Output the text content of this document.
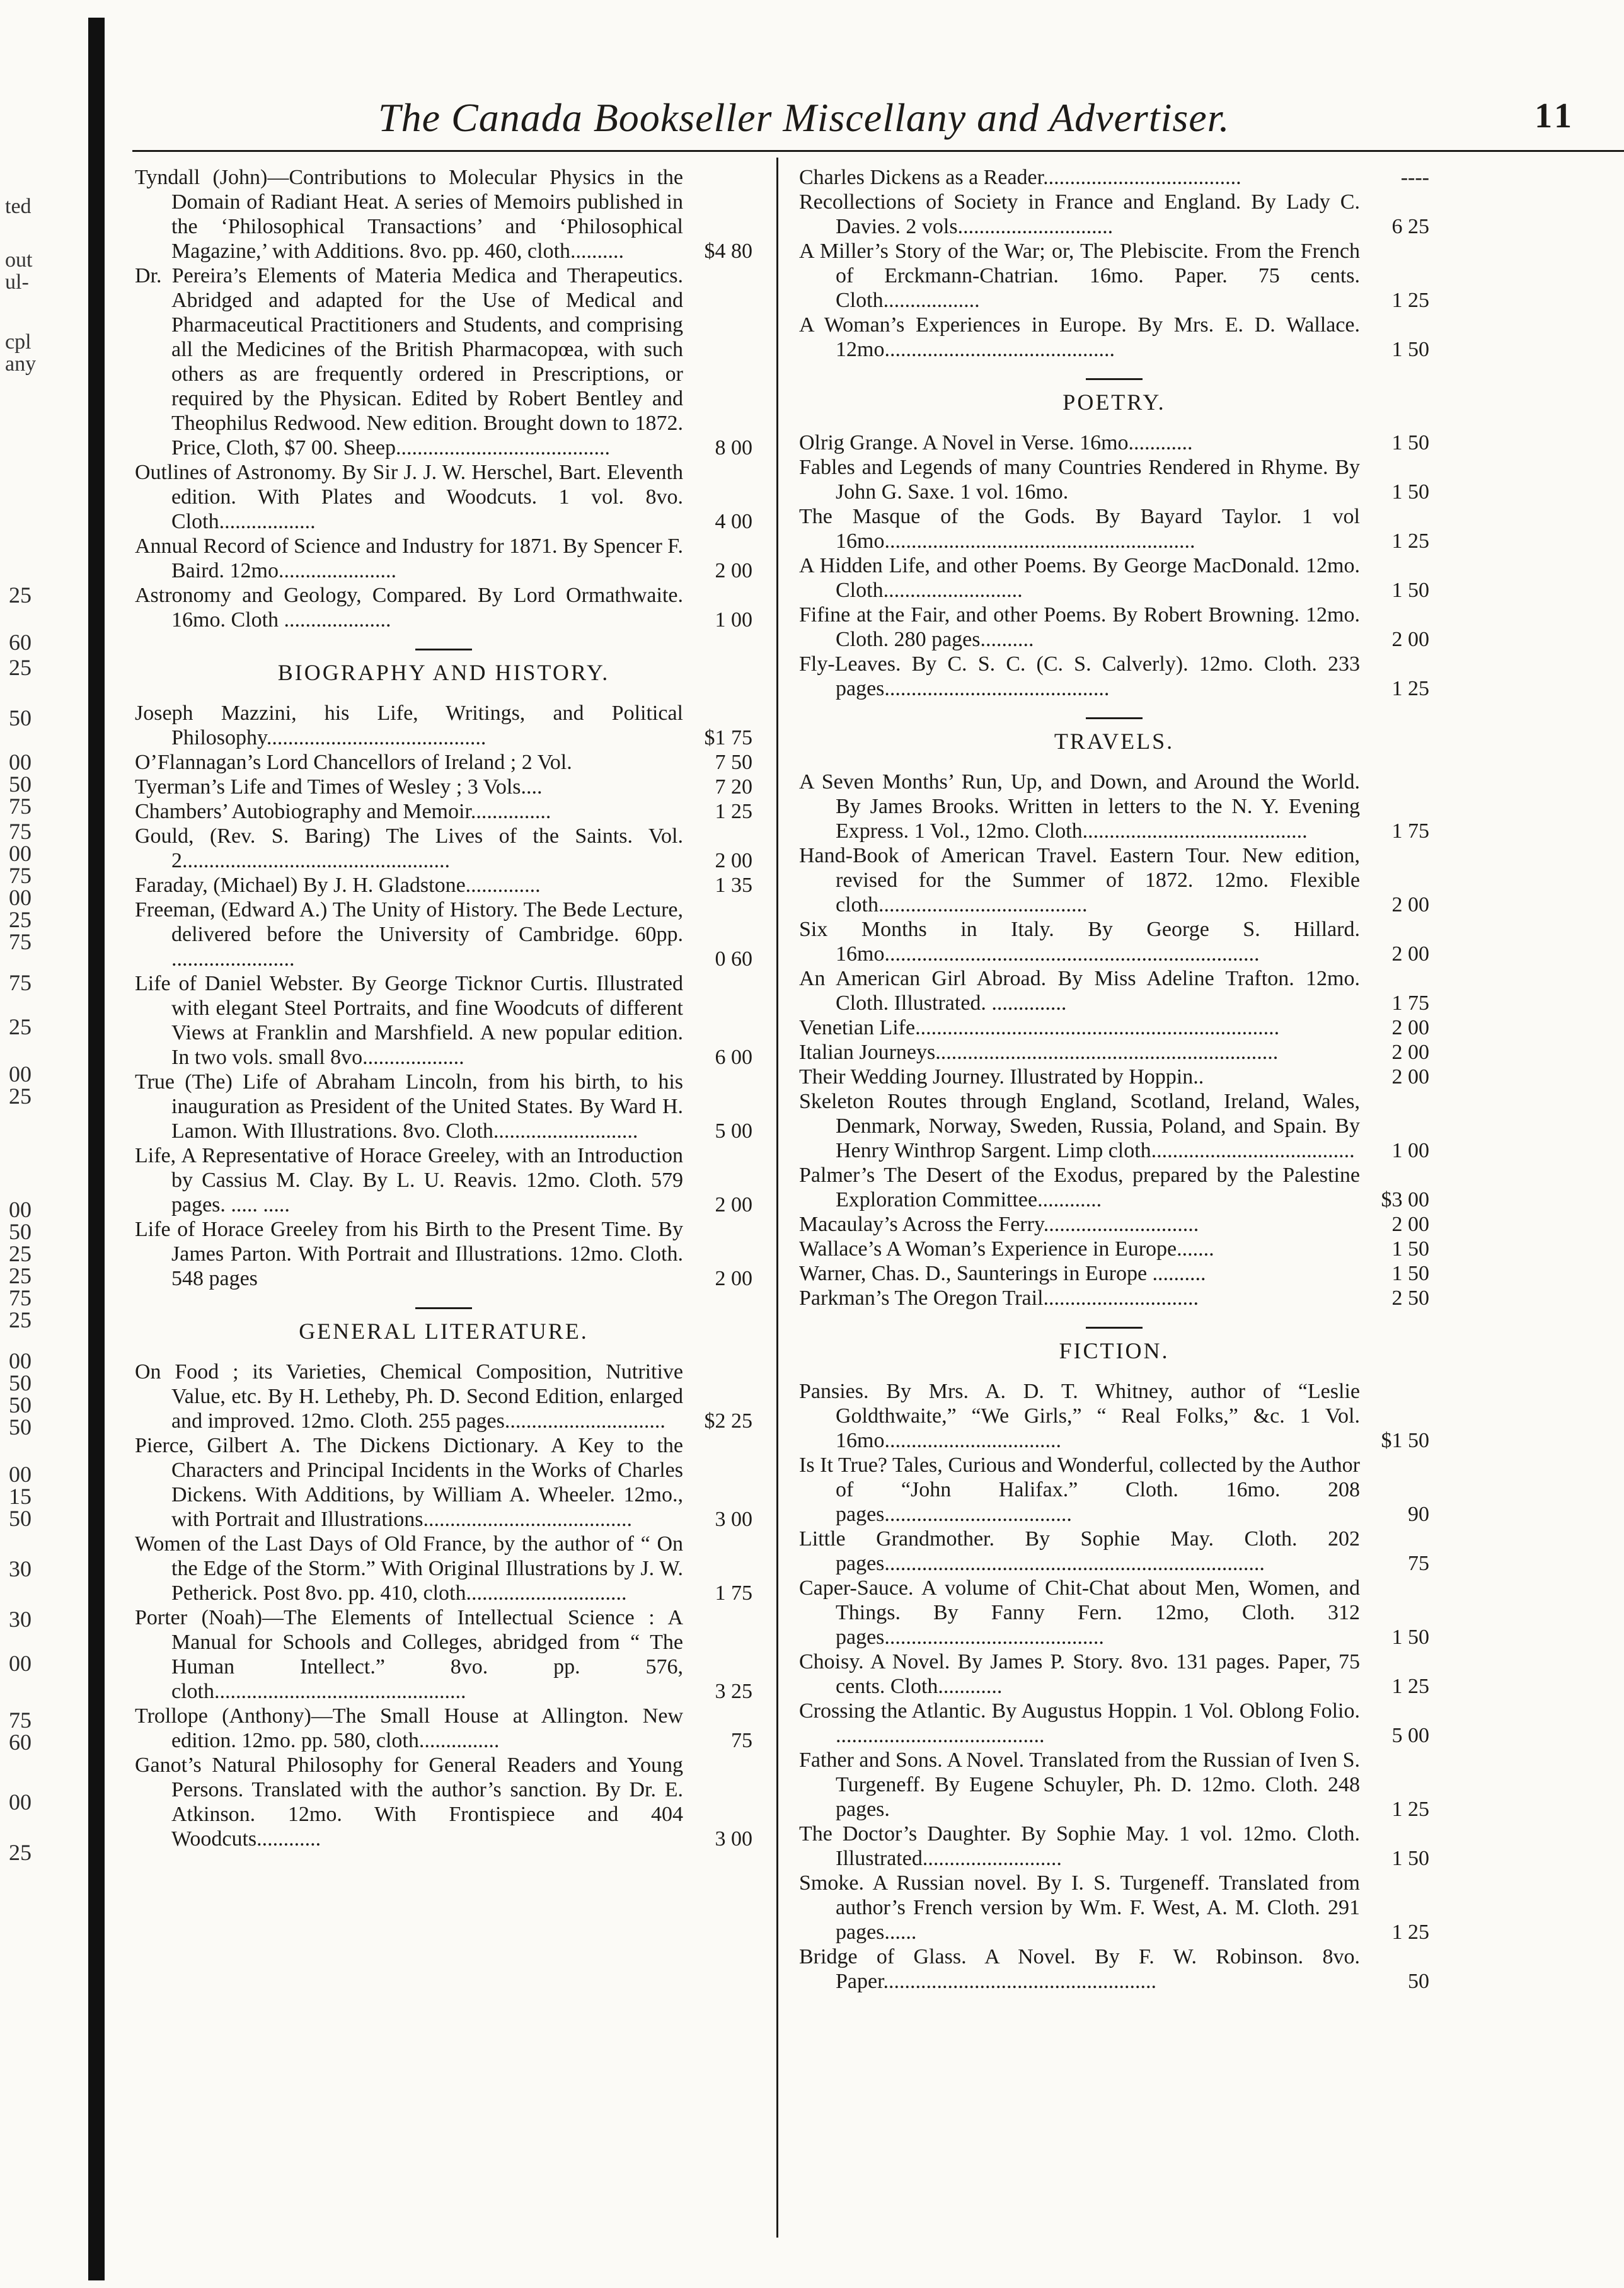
ted
out
ul-
cpl
any
25
60
25
50
00
50
75
75
00
75
00
25
75
75
25
00
25
00
50
25
25
75
25
00
50
50
50
00
15
50
30
30
00
75
60
00
25
The Canada Bookseller Miscellany and Advertiser.	11

Tyndall (John)—Contributions to Molecular Physics in the Domain of Radiant Heat. A series of Memoirs published in the ‘Philosophical Transactions’ and ‘Philosophical Magazine,’ with Additions. 8vo. pp. 460, cloth..........	$4 80

Dr. Pereira’s Elements of Materia Medica and Therapeutics. Abridged and adapted for the Use of Medical and Pharmaceutical Practitioners and Students, and comprising all the Medicines of the British Pharmacopœa, with such others as are frequently ordered in Prescriptions, or required by the Physican. Edited by Robert Bentley and Theophilus Redwood. New edition. Brought down to 1872. Price, Cloth, $7 00. Sheep........................................	8 00

Outlines of Astronomy. By Sir J. J. W. Herschel, Bart. Eleventh edition. With Plates and Woodcuts. 1 vol. 8vo. Cloth..................	4 00

Annual Record of Science and Industry for 1871. By Spencer F. Baird. 12mo......................	2 00

Astronomy and Geology, Compared. By Lord Ormathwaite. 16mo. Cloth ....................	1 00

BIOGRAPHY AND HISTORY.

Joseph Mazzini, his Life, Writings, and Political Philosophy.........................................	$1 75

O’Flannagan’s Lord Chancellors of Ireland ; 2 Vol.	7 50

Tyerman’s Life and Times of Wesley ; 3 Vols....	7 20

Chambers’ Autobiography and Memoir...............	1 25

Gould, (Rev. S. Baring) The Lives of the Saints. Vol. 2..................................................	2 00

Faraday, (Michael) By J. H. Gladstone..............	1 35

Freeman, (Edward A.) The Unity of History. The Bede Lecture, delivered before the University of Cambridge. 60pp. .......................	0 60

Life of Daniel Webster. By George Ticknor Curtis. Illustrated with elegant Steel Portraits, and fine Woodcuts of different Views at Franklin and Marshfield. A new popular edition. In two vols. small 8vo...................	6 00

True (The) Life of Abraham Lincoln, from his birth, to his inauguration as President of the United States. By Ward H. Lamon. With Illustrations. 8vo. Cloth...........................	5 00

Life, A Representative of Horace Greeley, with an Introduction by Cassius M. Clay. By L. U. Reavis. 12mo. Cloth. 579 pages. ..... .....	2 00

Life of Horace Greeley from his Birth to the Present Time. By James Parton. With Portrait and Illustrations. 12mo. Cloth. 548 pages	2 00

GENERAL LITERATURE.

On Food ; its Varieties, Chemical Composition, Nutritive Value, etc. By H. Letheby, Ph. D. Second Edition, enlarged and improved. 12mo. Cloth. 255 pages.............................. $2 25

Pierce, Gilbert A. The Dickens Dictionary. A Key to the Characters and Principal Incidents in the Works of Charles Dickens. With Additions, by William A. Wheeler. 12mo., with Portrait and Illustrations.......................................	3 00

Women of the Last Days of Old France, by the author of “ On the Edge of the Storm.” With Original Illustrations by J. W. Petherick. Post 8vo. pp. 410, cloth..............................	1 75

Porter (Noah)—The Elements of Intellectual Science : A Manual for Schools and Colleges, abridged from “ The Human Intellect.” 8vo. pp. 576, cloth...............................................	3 25

Trollope (Anthony)—The Small House at Allington. New edition. 12mo. pp. 580, cloth...............	75

Ganot’s Natural Philosophy for General Readers and Young Persons. Translated with the author’s sanction. By Dr. E. Atkinson. 12mo. With Frontispiece and 404 Woodcuts............	3 00

Charles Dickens as a Reader.....................................	----

Recollections of Society in France and England. By Lady C. Davies. 2 vols.............................	6 25

A Miller’s Story of the War; or, The Plebiscite. From the French of Erckmann-Chatrian. 16mo. Paper. 75 cents. Cloth..................	1 25

A Woman’s Experiences in Europe. By Mrs. E. D. Wallace. 12mo...........................................	1 50

POETRY.

Olrig Grange. A Novel in Verse. 16mo............	1 50

Fables and Legends of many Countries Rendered in Rhyme. By John G. Saxe. 1 vol. 16mo.	1 50

The Masque of the Gods. By Bayard Taylor. 1 vol 16mo..........................................................	1 25

A Hidden Life, and other Poems. By George MacDonald. 12mo. Cloth..........................	1 50

Fifine at the Fair, and other Poems. By Robert Browning. 12mo. Cloth. 280 pages..........	2 00

Fly-Leaves. By C. S. C. (C. S. Calverly). 12mo. Cloth. 233 pages..........................................	1 25

TRAVELS.

A Seven Months’ Run, Up, and Down, and Around the World. By James Brooks. Written in letters to the N. Y. Evening Express. 1 Vol., 12mo. Cloth..........................................	1 75

Hand-Book of American Travel. Eastern Tour. New edition, revised for the Summer of 1872. 12mo. Flexible cloth.......................................	2 00

Six Months in Italy. By George S. Hillard. 16mo......................................................................	2 00

An American Girl Abroad. By Miss Adeline Trafton. 12mo. Cloth. Illustrated. ..............	1 75

Venetian Life....................................................................	2 00

Italian Journeys................................................................	2 00

Their Wedding Journey. Illustrated by Hoppin..	2 00

Skeleton Routes through England, Scotland, Ireland, Wales, Denmark, Norway, Sweden, Russia, Poland, and Spain. By Henry Winthrop Sargent. Limp cloth...................................... 1 00

Palmer’s The Desert of the Exodus, prepared by the Palestine Exploration Committee............	$3 00

Macaulay’s Across the Ferry.............................	2 00

Wallace’s A Woman’s Experience in Europe.......	1 50

Warner, Chas. D., Saunterings in Europe ..........	1 50

Parkman’s The Oregon Trail.............................	2 50

FICTION.

Pansies. By Mrs. A. D. T. Whitney, author of “Leslie Goldthwaite,” “We Girls,” “ Real Folks,” &c. 1 Vol. 16mo.................................	$1 50

Is It True? Tales, Curious and Wonderful, collected by the Author of “John Halifax.” Cloth. 16mo. 208 pages...................................	90

Little Grandmother. By Sophie May. Cloth. 202 pages.......................................................................	75

Caper-Sauce. A volume of Chit-Chat about Men, Women, and Things. By Fanny Fern. 12mo, Cloth. 312 pages.........................................	1 50

Choisy. A Novel. By James P. Story. 8vo. 131 pages. Paper, 75 cents. Cloth............	1 25

Crossing the Atlantic. By Augustus Hoppin. 1 Vol. Oblong Folio. .......................................	5 00

Father and Sons. A Novel. Translated from the Russian of Iven S. Turgeneff. By Eugene Schuyler, Ph. D. 12mo. Cloth. 248 pages.	1 25

The Doctor’s Daughter. By Sophie May. 1 vol. 12mo. Cloth. Illustrated..........................	1 50

Smoke. A Russian novel. By I. S. Turgeneff. Translated from author’s French version by Wm. F. West, A. M. Cloth. 291 pages......	1 25

Bridge of Glass. A Novel. By F. W. Robinson. 8vo. Paper...................................................	50
